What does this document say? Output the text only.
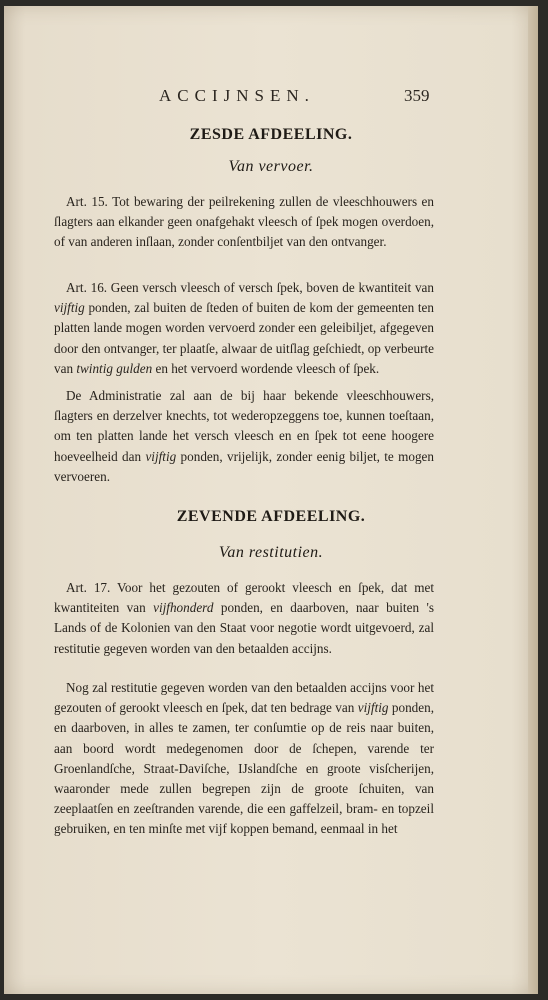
ACCIJNSEN.	359
ZESDE AFDEELING.
Van vervoer.

Art. 15. Tot bewaring der peilrekening zullen de vleeschhouwers en ſlagters aan elkander geen onafgehakt vleesch of ſpek mogen overdoen, of van anderen inſlaan, zonder conſentbiljet van den ontvanger.

Art. 16. Geen versch vleesch of versch ſpek, boven de kwantiteit van vijftig ponden, zal buiten de ſteden of buiten de kom der gemeenten ten platten lande mogen worden vervoerd zonder een geleibiljet, afgegeven door den ontvanger, ter plaatſe, alwaar de uitſlag geſchiedt, op verbeurte van twintig gulden en het vervoerd wordende vleesch of ſpek.

De Administratie zal aan de bij haar bekende vleeschhouwers, ſlagters en derzelver knechts, tot wederopzeggens toe, kunnen toeſtaan, om ten platten lande het versch vleesch en en ſpek tot eene hoogere hoeveelheid dan vijftig ponden, vrijelijk, zonder eenig biljet, te mogen vervoeren.

ZEVENDE AFDEELING.
Van restitutien.

Art. 17. Voor het gezouten of gerookt vleesch en ſpek, dat met kwantiteiten van vijfhonderd ponden, en daarboven, naar buiten 's Lands of de Kolonien van den Staat voor negotie wordt uitgevoerd, zal restitutie gegeven worden van den betaalden accijns.

Nog zal restitutie gegeven worden van den betaalden accijns voor het gezouten of gerookt vleesch en ſpek, dat ten bedrage van vijftig ponden, en daarboven, in alles te zamen, ter conſumtie op de reis naar buiten, aan boord wordt medegenomen door de ſchepen, varende ter Groenlandſche, Straat-Daviſche, IJslandſche en groote visſcherijen, waaronder mede zullen begrepen zijn de groote ſchuiten, van zeeplaatſen en zeeſtranden varende, die een gaffelzeil, bram- en topzeil gebruiken, en ten minſte met vijf koppen bemand, eenmaal in het
